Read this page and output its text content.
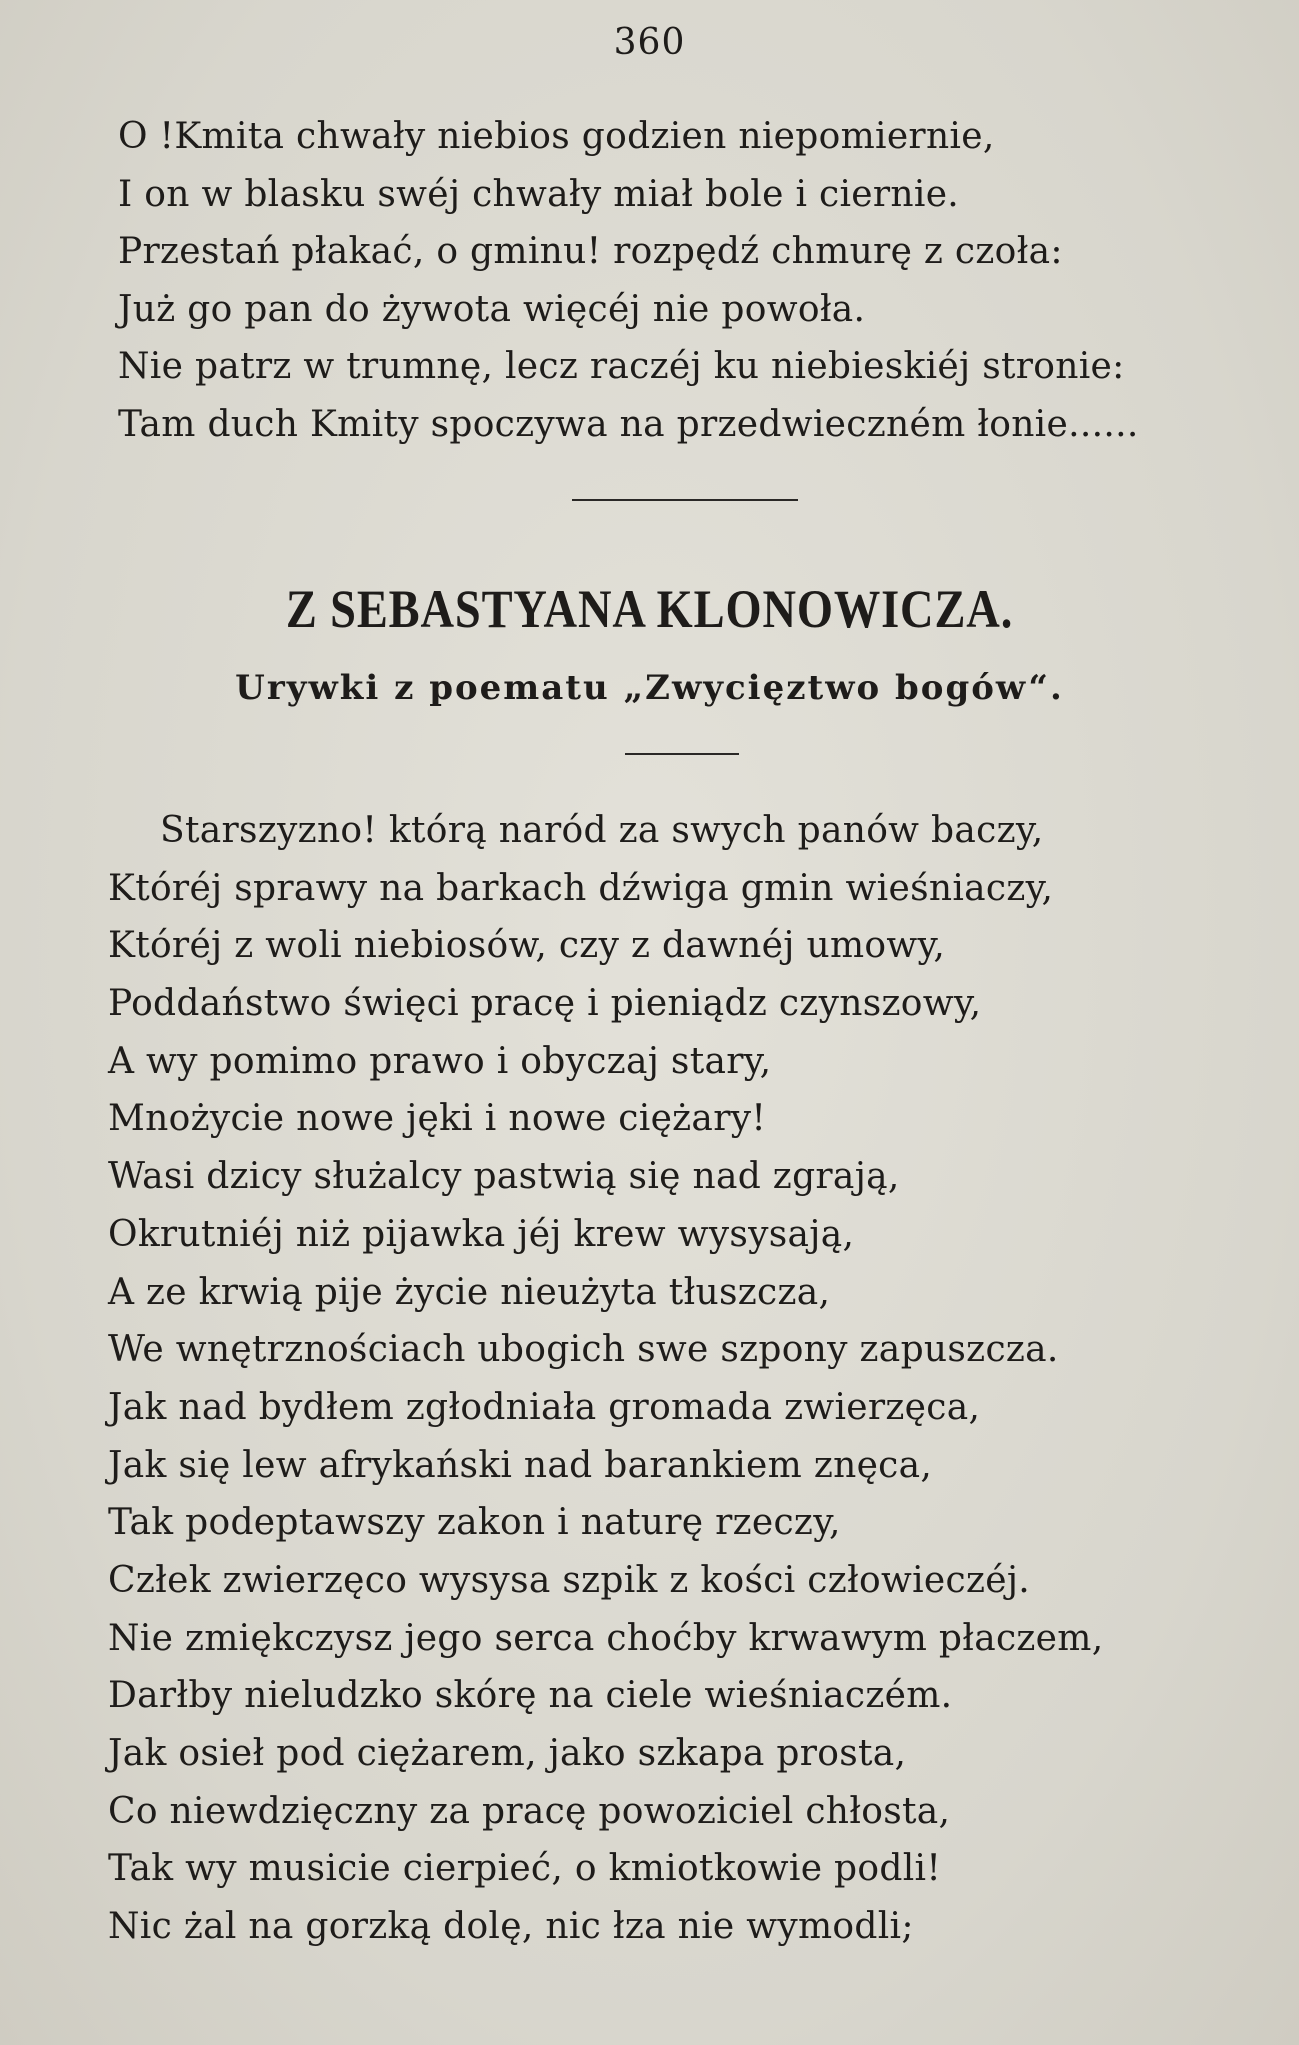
360
O !Kmita chwały niebios godzien niepomiernie,
I on w blasku swéj chwały miał bole i ciernie.
Przestań płakać, o gminu! rozpędź chmurę z czoła:
Już go pan do żywota więcéj nie powoła.
Nie patrz w trumnę, lecz raczéj ku niebieskiéj stronie:
Tam duch Kmity spoczywa na przedwieczném łonie......
Z SEBASTYANA KLONOWICZA.
Urywki z poematu „Zwycięztwo bogów“.
Starszyzno! którą naród za swych panów baczy,
Któréj sprawy na barkach dźwiga gmin wieśniaczy,
Któréj z woli niebiosów, czy z dawnéj umowy,
Poddaństwo święci pracę i pieniądz czynszowy,
A wy pomimo prawo i obyczaj stary,
Mnożycie nowe jęki i nowe ciężary!
Wasi dzicy służalcy pastwią się nad zgrają,
Okrutniéj niż pijawka jéj krew wysysają,
A ze krwią pije życie nieużyta tłuszcza,
We wnętrznościach ubogich swe szpony zapuszcza.
Jak nad bydłem zgłodniała gromada zwierzęca,
Jak się lew afrykański nad barankiem znęca,
Tak podeptawszy zakon i naturę rzeczy,
Człek zwierzęco wysysa szpik z kości człowieczéj.
Nie zmiękczysz jego serca choćby krwawym płaczem,
Darłby nieludzko skórę na ciele wieśniaczém.
Jak osieł pod ciężarem, jako szkapa prosta,
Co niewdzięczny za pracę powoziciel chłosta,
Tak wy musicie cierpieć, o kmiotkowie podli!
Nic żal na gorzką dolę, nic łza nie wymodli;
